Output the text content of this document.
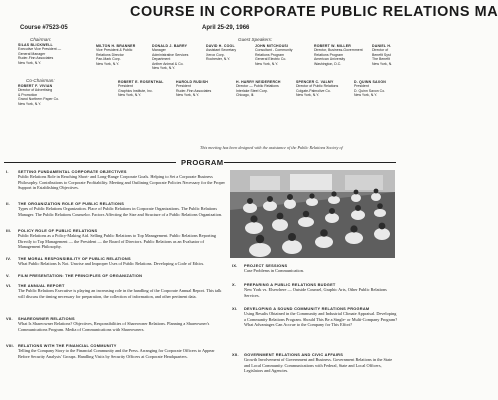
COURSE IN CORPORATE PUBLIC RELATIONS MA
Course #7523-05	April 25-29, 1966
Chairman:
SILAS BLICKWELL
Executive Vice President —
General Manager
Ruder-Finn Associates
New York, N.Y.
Co-Chairman:
ROBERT F. VIVIAN
Director of Advertising
& Promotion
Grand Northern Paper Co.
New York, N.Y.
Guest Speakers:
MILTON H. BRANNER
Vice President & Public
Relations Director
Pan-Mark Corp.
New York, N.Y.
DONALD J. BARRY
Manager
Administrative Services
Department
Anther Animal & Co.
New York, N.Y.
DAVID H. COOL
Assistant Secretary
Xerox Corp.
Rochester, N.Y.
JOHN MITCHOUSI
Consultant - Community
Relations Program
General Electric Co.
New York, N.Y.
ROBERT W. MILLER
Director, Business-Government
Relations Program
American University
Washington, D.C.
DANIEL H.
Director of
Benefit Syst
The Benefit
New York, N.
ROBERT E. ROSENTHAL
President
Graphics Institute, Inc.
New York, N.Y.
HAROLD RUDISH
President
Ruder-Finn Associates
New York, N.Y.
H. HARRY NEIDERERCH
Director — Public Relations
Interlake Steel Corp.
Chicago, Ill.
SPENCER C. VALMY
Director of Public Relations
Colgate-Palmolive Co.
New York, N.Y.
D. QUINN SAXON
President
D. Quinn Saxon Co.
New York, N.Y.
This meeting has been designed with the assistance of the Public Relations Society of
PROGRAM
I. SETTING FUNDAMENTAL CORPORATE OBJECTIVES
Public Relations Role in Reaching Short- and Long-Range Corporate Goals. Helping to Set a Corporate Business Philosophy. Contributions to Corporate Profitability. Meeting and Outlining Corporate Policies Necessary for the Proper Support in Establishing Objectives.
II. THE ORGANIZATION ROLE OF PUBLIC RELATIONS
Types of Public Relations Organization. Place of Public Relations in Corporate Organizations. The Public Relations Manager. The Public Relations Counselor. Factors Affecting the Size and Structure of a Public Relations Organization.
III. POLICY ROLE OF PUBLIC RELATIONS
Public Relations as a Policy-Making Aid. Selling Public Relations to Top Management. Public Relations Reporting Directly to Top Management — the President — the Board of Directors. Public Relations as an Evaluator of Management Philosophy.
IV. THE MORAL RESPONSIBILITY OF PUBLIC RELATIONS
What Public Relations Is Not. Unwise and Improper Uses of Public Relations. Developing a Code of Ethics.
V. FILM PRESENTATION: THE PRINCIPLES OF ORGANIZATION
VI. THE ANNUAL REPORT
The Public Relations Executive is playing an increasing role in the handling of the Corporate Annual Report. This talk will discuss the timing necessary for preparation, the collection of information, and other pertinent data.
VII. SHAREOWNER RELATIONS
What Is Shareowner Relations? Objectives, Responsibilities of Shareowner Relations. Planning a Shareowner's Communications Program. Media of Communications with Shareowners.
VIII. RELATIONS WITH THE FINANCIAL COMMUNITY
Telling the Company Story to the Financial Community and the Press. Arranging for Corporate Officers to Appear Before Security Analysts' Groups. Handling Visits by Security Officers at Corporate Headquarters.
IX. PROJECT SESSIONS
Case Problems in Communication.
X. PREPARING A PUBLIC RELATIONS BUDGET
New York vs. Elsewhere — Outside Counsel, Graphic Arts, Other Public Relations Services.
XI. DEVELOPING A SOUND COMMUNITY RELATIONS PROGRAM
Using Results Obtained in the Community and Industrial Climate Appraisal. Developing a Community Relations Program. Should This Be a Single- or Multi-Company Program? What Advantages Can Accrue to the Company for This Effort?
XII. GOVERNMENT RELATIONS AND CIVIC AFFAIRS
Growth Involvement of Government and Business. Government Relations in the State and Local Community. Communications with Federal, State and Local Officers, Legislators and Agencies.
